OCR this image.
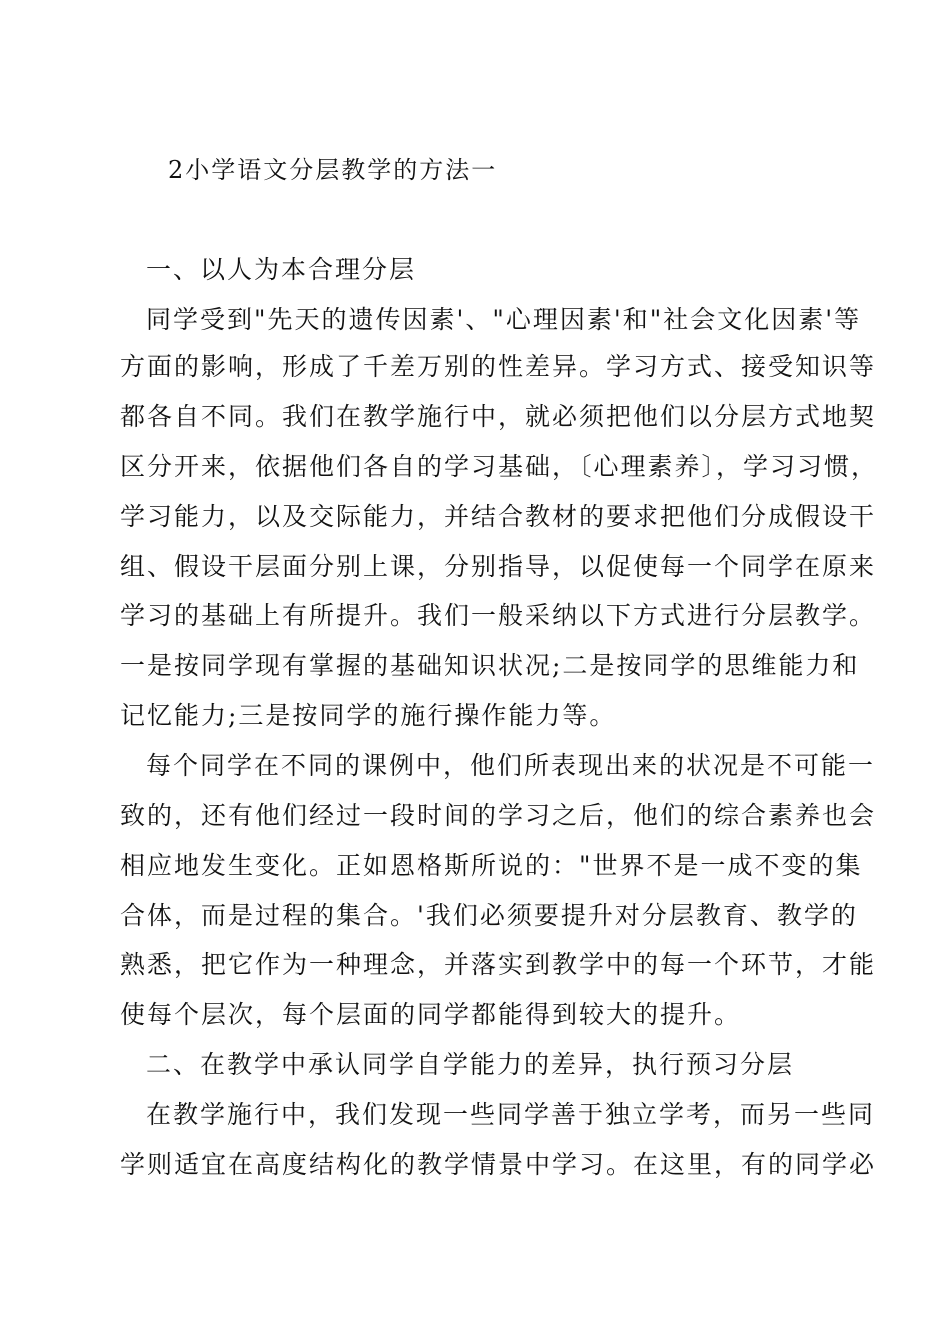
2小学语文分层教学的方法一
一、以人为本合理分层
同学受到"先天的遗传因素'、"心理因素'和"社会文化因素'等
方面的影响，形成了千差万别的性差异。学习方式、接受知识等
都各自不同。我们在教学施行中，就必须把他们以分层方式地契
区分开来，依据他们各自的学习基础，〔心理素养〕，学习习惯，
学习能力，以及交际能力，并结合教材的要求把他们分成假设干
组、假设干层面分别上课，分别指导，以促使每一个同学在原来
学习的基础上有所提升。我们一般采纳以下方式进行分层教学。
一是按同学现有掌握的基础知识状况;二是按同学的思维能力和
记忆能力;三是按同学的施行操作能力等。
每个同学在不同的课例中，他们所表现出来的状况是不可能一
致的，还有他们经过一段时间的学习之后，他们的综合素养也会
相应地发生变化。正如恩格斯所说的："世界不是一成不变的集
合体，而是过程的集合。'我们必须要提升对分层教育、教学的
熟悉，把它作为一种理念，并落实到教学中的每一个环节，才能
使每个层次，每个层面的同学都能得到较大的提升。
二、在教学中承认同学自学能力的差异，执行预习分层
在教学施行中，我们发现一些同学善于独立学考，而另一些同
学则适宜在高度结构化的教学情景中学习。在这里，有的同学必
